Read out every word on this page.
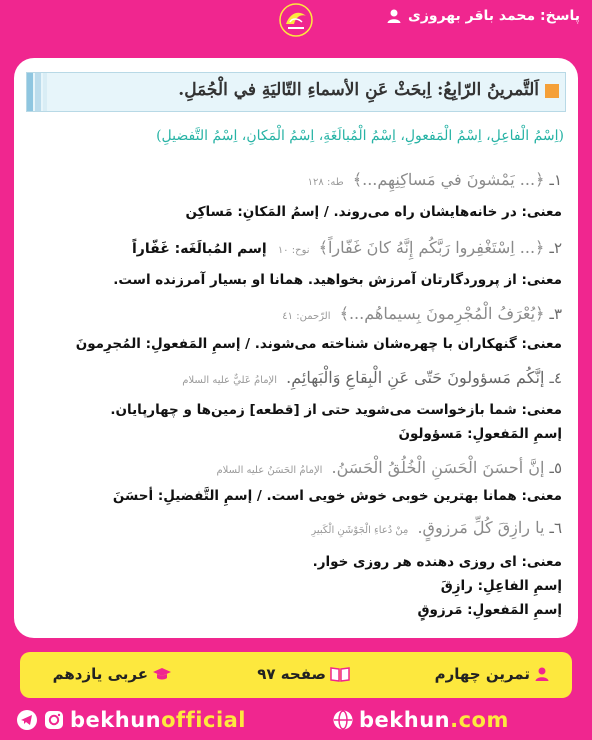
پاسخ: محمد باقر بهروزی
اَلتَّمرينُ الرّابِعُ: اِبحَثْ عَنِ الأسماءِ التّاليَةِ في الْجُمَلِ.
(اِسْمُ الْفاعِلِ، اِسْمُ الْمَفعولِ، اِسْمُ الْمُبالَغَةِ، اِسْمُ الْمَكانِ، اِسْمُ التَّفضيلِ)
١ـ ﴿... يَمْشونَ في مَساكِنِهِم...﴾ طه: ١٢٨
معنی: در خانه‌هایشان راه می‌روند. / إسمُ المَکانِ: مَساکِن
٢ـ ﴿... اِسْتَغْفِروا رَبَّكُم إِنَّهُ كانَ غَفّاراً﴾ نوح: ١٠ إسم المُبالَغَه: غَفّاراً
معنی: از پروردگارتان آمرزش بخواهید. همانا او بسیار آمرزنده است.
٣ـ ﴿يُعْرَفُ الْمُجْرِمونَ بِسيماهُم...﴾ الرّحمن: ٤١
معنی: گنهکاران با چهره‌شان شناخته می‌شوند. / إسمِ المَفعولِ: المُجرِمونَ
٤ـ إنَّكُم مَسؤولونَ حَتّى عَنِ الْبِقاعِ وَالْبَهائِمِ. الإمامُ عَليٌّ عليه السلام
معنی: شما بازخواست می‌شوید حتی از [قطعه] زمین‌ها و چهارپایان.
إسمِ المَفعولِ: مَسؤولونَ
٥ـ إنَّ أحسَنَ الْحَسَنِ الْخُلُقُ الْحَسَنُ. الإمامُ الحَسَنُ عليه السلام
معنی: همانا بهترین خوبی خوش خویی است. / إسمِ التَّفضیلِ: أحسَنَ
٦ـ يا رازِقَ كُلِّ مَرزوقٍ. مِنْ دُعاءِ الْجَوْشَنِ الْكَبيرِ
معنی: ای روزی دهنده هر روزی خوار.
إسمِ الفاعِلِ: رازِقَ
إسمِ المَفعولِ: مَرزوقٍ
تمرین چهارم
صفحه ٩٧
عربی یازدهم
bekhunofficial	bekhun.com
